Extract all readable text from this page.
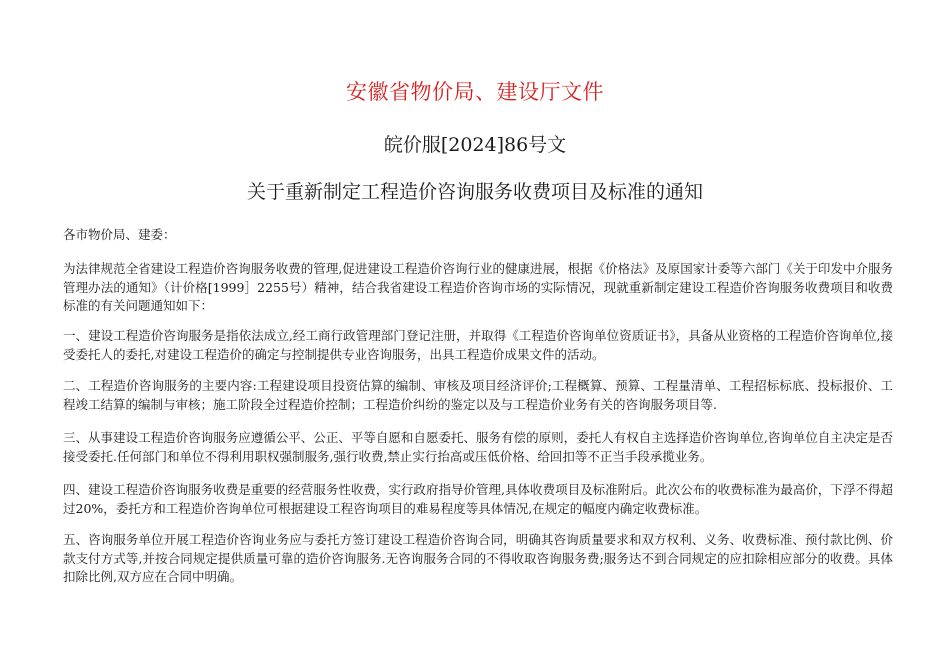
安徽省物价局、建设厅文件
皖价服[2024]86号文
关于重新制定工程造价咨询服务收费项目及标准的通知
各市物价局、建委：
为法律规范全省建设工程造价咨询服务收费的管理,促进建设工程造价咨询行业的健康进展，根据《价格法》及原国家计委等六部门《关于印发中介服务管理办法的通知》（计价格[1999］2255号）精神，结合我省建设工程造价咨询市场的实际情况，现就重新制定建设工程造价咨询服务收费项目和收费标准的有关问题通知如下：
一、建设工程造价咨询服务是指依法成立,经工商行政管理部门登记注册，并取得《工程造价咨询单位资质证书》，具备从业资格的工程造价咨询单位,接受委托人的委托,对建设工程造价的确定与控制提供专业咨询服务，出具工程造价成果文件的活动。
二、工程造价咨询服务的主要内容:工程建设项目投资估算的编制、审核及项目经济评价;工程概算、预算、工程量清单、工程招标标底、投标报价、工程竣工结算的编制与审核；施工阶段全过程造价控制；工程造价纠纷的鉴定以及与工程造价业务有关的咨询服务项目等.
三、从事建设工程造价咨询服务应遵循公平、公正、平等自愿和自愿委托、服务有偿的原则，委托人有权自主选择造价咨询单位,咨询单位自主决定是否接受委托.任何部门和单位不得利用职权强制服务,强行收费,禁止实行抬高或压低价格、给回扣等不正当手段承揽业务。
四、建设工程造价咨询服务收费是重要的经营服务性收费，实行政府指导价管理,具体收费项目及标准附后。此次公布的收费标准为最高价，下浮不得超过20%，委托方和工程造价咨询单位可根据建设工程咨询项目的难易程度等具体情况,在规定的幅度内确定收费标准。
五、咨询服务单位开展工程造价咨询业务应与委托方签订建设工程造价咨询合同，明确其咨询质量要求和双方权利、义务、收费标准、预付款比例、价款支付方式等,并按合同规定提供质量可靠的造价咨询服务.无咨询服务合同的不得收取咨询服务费;服务达不到合同规定的应扣除相应部分的收费。具体扣除比例,双方应在合同中明确。
